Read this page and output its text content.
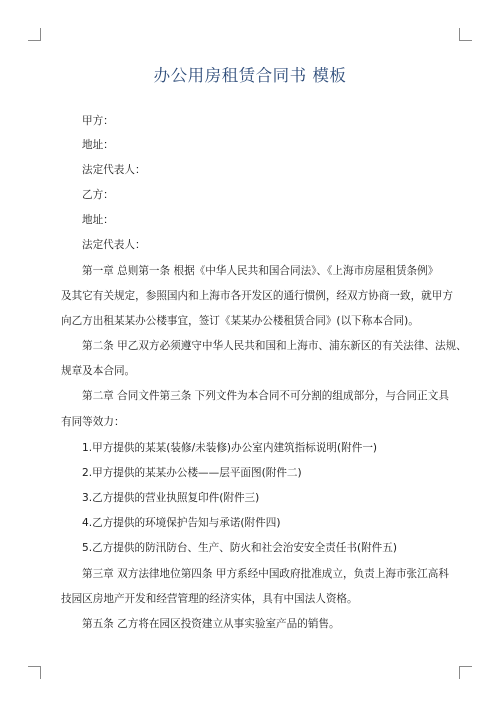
办公用房租赁合同书 模板
甲方：
地址：
法定代表人：
乙方：
地址：
法定代表人：
第一章 总则第一条 根据《中华人民共和国合同法》、《上海市房屋租赁条例》
及其它有关规定，参照国内和上海市各开发区的通行惯例，经双方协商一致，就甲方
向乙方出租某某办公楼事宜，签订《某某办公楼租赁合同》(以下称本合同)。
第二条 甲乙双方必须遵守中华人民共和国和上海市、浦东新区的有关法律、法规、
规章及本合同。
第二章 合同文件第三条 下列文件为本合同不可分割的组成部分，与合同正文具
有同等效力：
1.甲方提供的某某(装修/未装修)办公室内建筑指标说明(附件一)
2.甲方提供的某某办公楼——层平面图(附件二)
3.乙方提供的营业执照复印件(附件三)
4.乙方提供的环境保护告知与承诺(附件四)
5.乙方提供的防汛防台、生产、防火和社会治安安全责任书(附件五)
第三章 双方法律地位第四条 甲方系经中国政府批准成立，负责上海市张江高科
技园区房地产开发和经营管理的经济实体，具有中国法人资格。
第五条 乙方将在园区投资建立从事实验室产品的销售。
